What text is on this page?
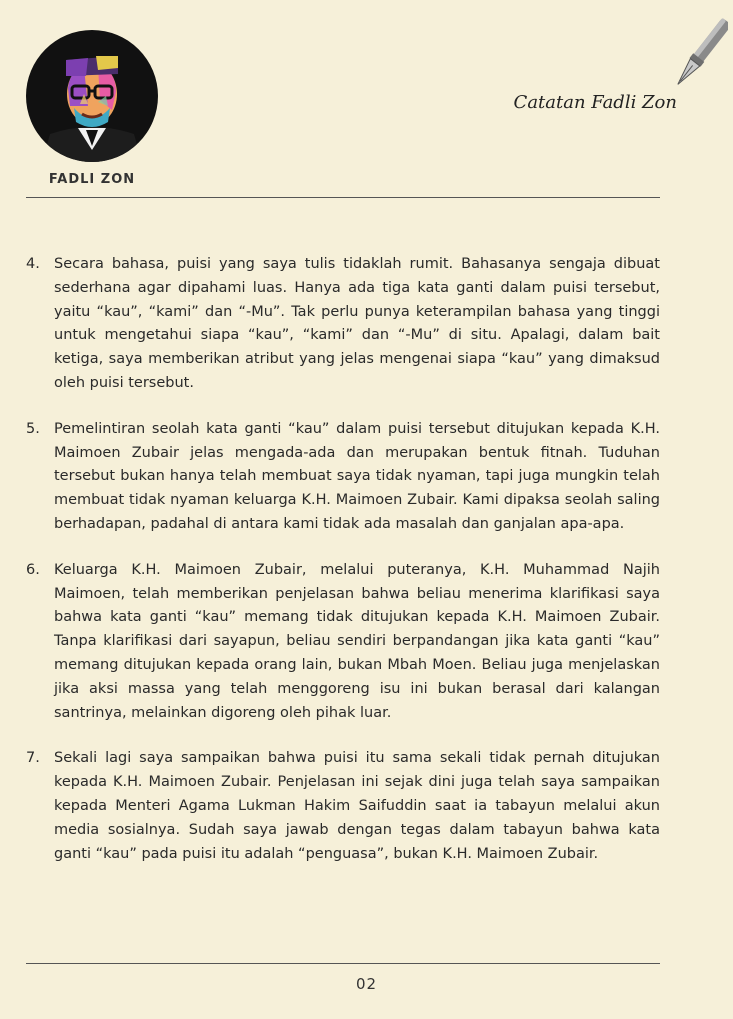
FADLI ZON
Catatan Fadli Zon
4. Secara bahasa, puisi yang saya tulis tidaklah rumit. Bahasanya sengaja dibuat sederhana agar dipahami luas. Hanya ada tiga kata ganti dalam puisi tersebut, yaitu “kau”, “kami” dan “-Mu”. Tak perlu punya keterampilan bahasa yang tinggi untuk mengetahui siapa “kau”, “kami” dan “-Mu” di situ. Apalagi, dalam bait ketiga, saya memberikan atribut yang jelas mengenai siapa “kau” yang dimaksud oleh puisi tersebut.
5. Pemelintiran seolah kata ganti “kau” dalam puisi tersebut ditujukan kepada K.H. Maimoen Zubair jelas mengada-ada dan merupakan bentuk fitnah. Tuduhan tersebut bukan hanya telah membuat saya tidak nyaman, tapi juga mungkin telah membuat tidak nyaman keluarga K.H. Maimoen Zubair. Kami dipaksa seolah saling berhadapan, padahal di antara kami tidak ada masalah dan ganjalan apa-apa.
6. Keluarga K.H. Maimoen Zubair, melalui puteranya, K.H. Muhammad Najih Maimoen, telah memberikan penjelasan bahwa beliau menerima klarifikasi saya bahwa kata ganti “kau” memang tidak ditujukan kepada K.H. Maimoen Zubair. Tanpa klarifikasi dari sayapun, beliau sendiri berpandangan jika kata ganti “kau” memang ditujukan kepada orang lain, bukan Mbah Moen. Beliau juga menjelaskan jika aksi massa yang telah menggoreng isu ini bukan berasal dari kalangan santrinya, melainkan digoreng oleh pihak luar.
7. Sekali lagi saya sampaikan bahwa puisi itu sama sekali tidak pernah ditujukan kepada K.H. Maimoen Zubair. Penjelasan ini sejak dini juga telah saya sampaikan kepada Menteri Agama Lukman Hakim Saifuddin saat ia tabayun melalui akun media sosialnya. Sudah saya jawab dengan tegas dalam tabayun bahwa kata ganti “kau” pada puisi itu adalah “penguasa”, bukan K.H. Maimoen Zubair.
02
